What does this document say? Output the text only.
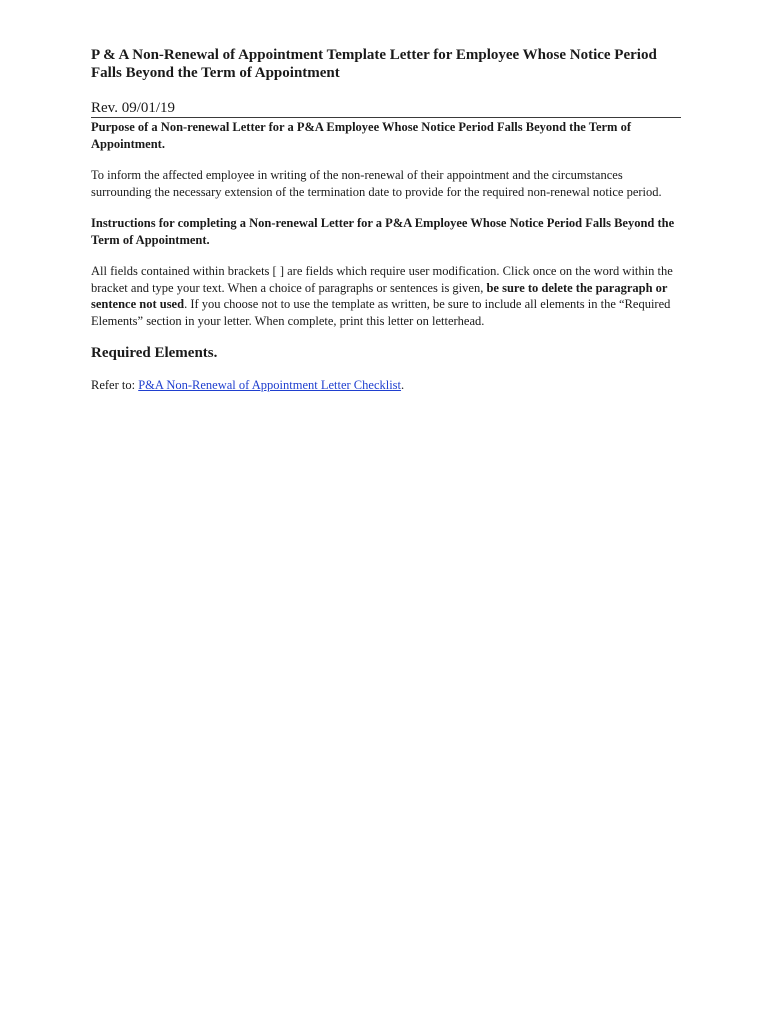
P & A Non-Renewal of Appointment Template Letter for Employee Whose Notice Period Falls Beyond the Term of Appointment
Rev. 09/01/19
Purpose of a Non-renewal Letter for a P&A Employee Whose Notice Period Falls Beyond the Term of Appointment.

To inform the affected employee in writing of the non-renewal of their appointment and the circumstances surrounding the necessary extension of the termination date to provide for the required non-renewal notice period.

Instructions for completing a Non-renewal Letter for a P&A Employee Whose Notice Period Falls Beyond the Term of Appointment.

All fields contained within brackets [ ] are fields which require user modification. Click once on the word within the bracket and type your text. When a choice of paragraphs or sentences is given, be sure to delete the paragraph or sentence not used. If you choose not to use the template as written, be sure to include all elements in the “Required Elements” section in your letter. When complete, print this letter on letterhead.

Required Elements.

Refer to: P&A Non-Renewal of Appointment Letter Checklist.
